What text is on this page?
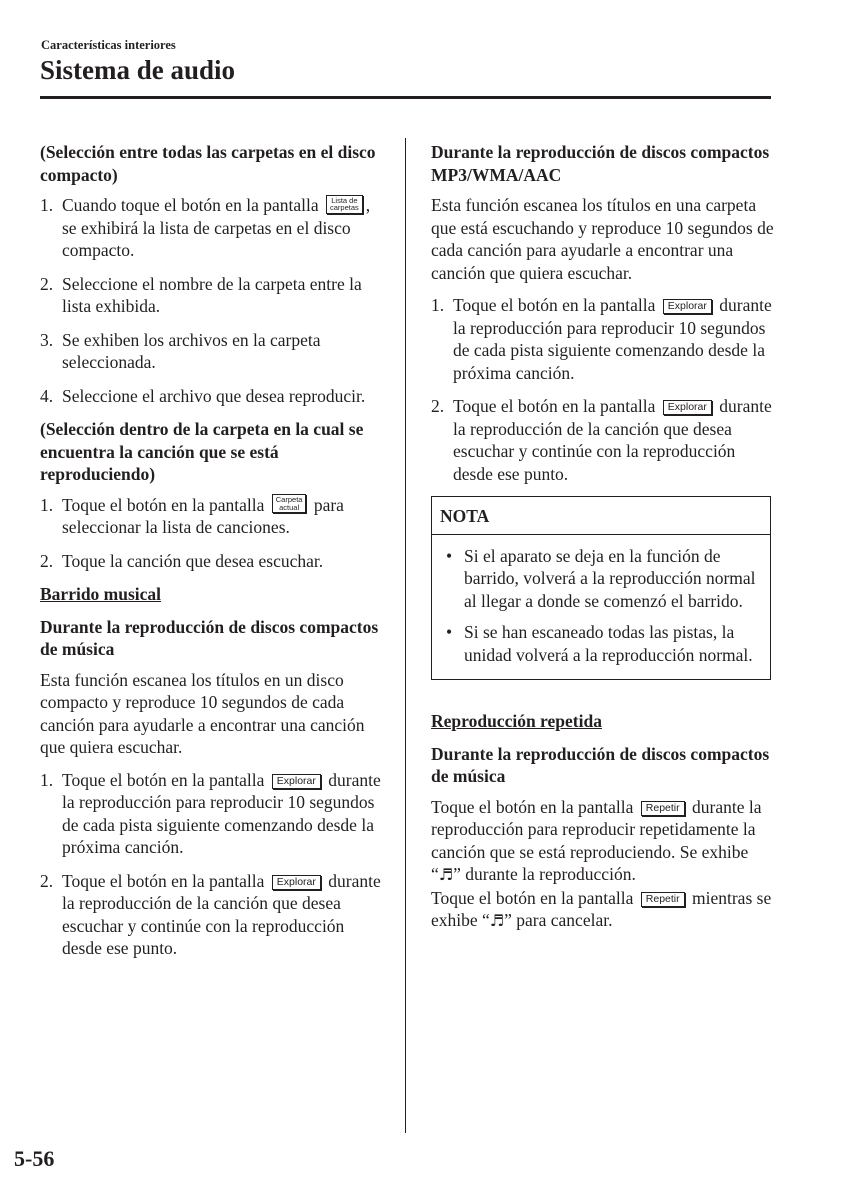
Características interiores
Sistema de audio
(Selección entre todas las carpetas en el disco compacto)
1. Cuando toque el botón en la pantalla Lista de
carpetas , se exhibirá la lista de carpetas en el disco compacto.
2. Seleccione el nombre de la carpeta entre la lista exhibida.
3. Se exhiben los archivos en la carpeta seleccionada.
4. Seleccione el archivo que desea reproducir.
(Selección dentro de la carpeta en la cual se encuentra la canción que se está reproduciendo)
1. Toque el botón en la pantalla Carpeta
actual para seleccionar la lista de canciones.
2. Toque la canción que desea escuchar.
Barrido musical
Durante la reproducción de discos compactos de música

Esta función escanea los títulos en un disco compacto y reproduce 10 segundos de cada canción para ayudarle a encontrar una canción que quiera escuchar.

1. Toque el botón en la pantalla Explorar durante la reproducción para reproducir 10 segundos de cada pista siguiente comenzando desde la próxima canción.
2. Toque el botón en la pantalla Explorar durante la reproducción de la canción que desea escuchar y continúe con la reproducción desde ese punto.
Durante la reproducción de discos compactos MP3/WMA/AAC

Esta función escanea los títulos en una carpeta que está escuchando y reproduce 10 segundos de cada canción para ayudarle a encontrar una canción que quiera escuchar.

1. Toque el botón en la pantalla Explorar durante la reproducción para reproducir 10 segundos de cada pista siguiente comenzando desde la próxima canción.
2. Toque el botón en la pantalla Explorar durante la reproducción de la canción que desea escuchar y continúe con la reproducción desde ese punto.
NOTA
• Si el aparato se deja en la función de barrido, volverá a la reproducción normal al llegar a donde se comenzó el barrido.
• Si se han escaneado todas las pistas, la unidad volverá a la reproducción normal.
Reproducción repetida
Durante la reproducción de discos compactos de música
Toque el botón en la pantalla Repetir durante la reproducción para reproducir repetidamente la canción que se está reproduciendo. Se exhibe “♬” durante la reproducción.
Toque el botón en la pantalla Repetir mientras se exhibe “♬” para cancelar.
5-56
